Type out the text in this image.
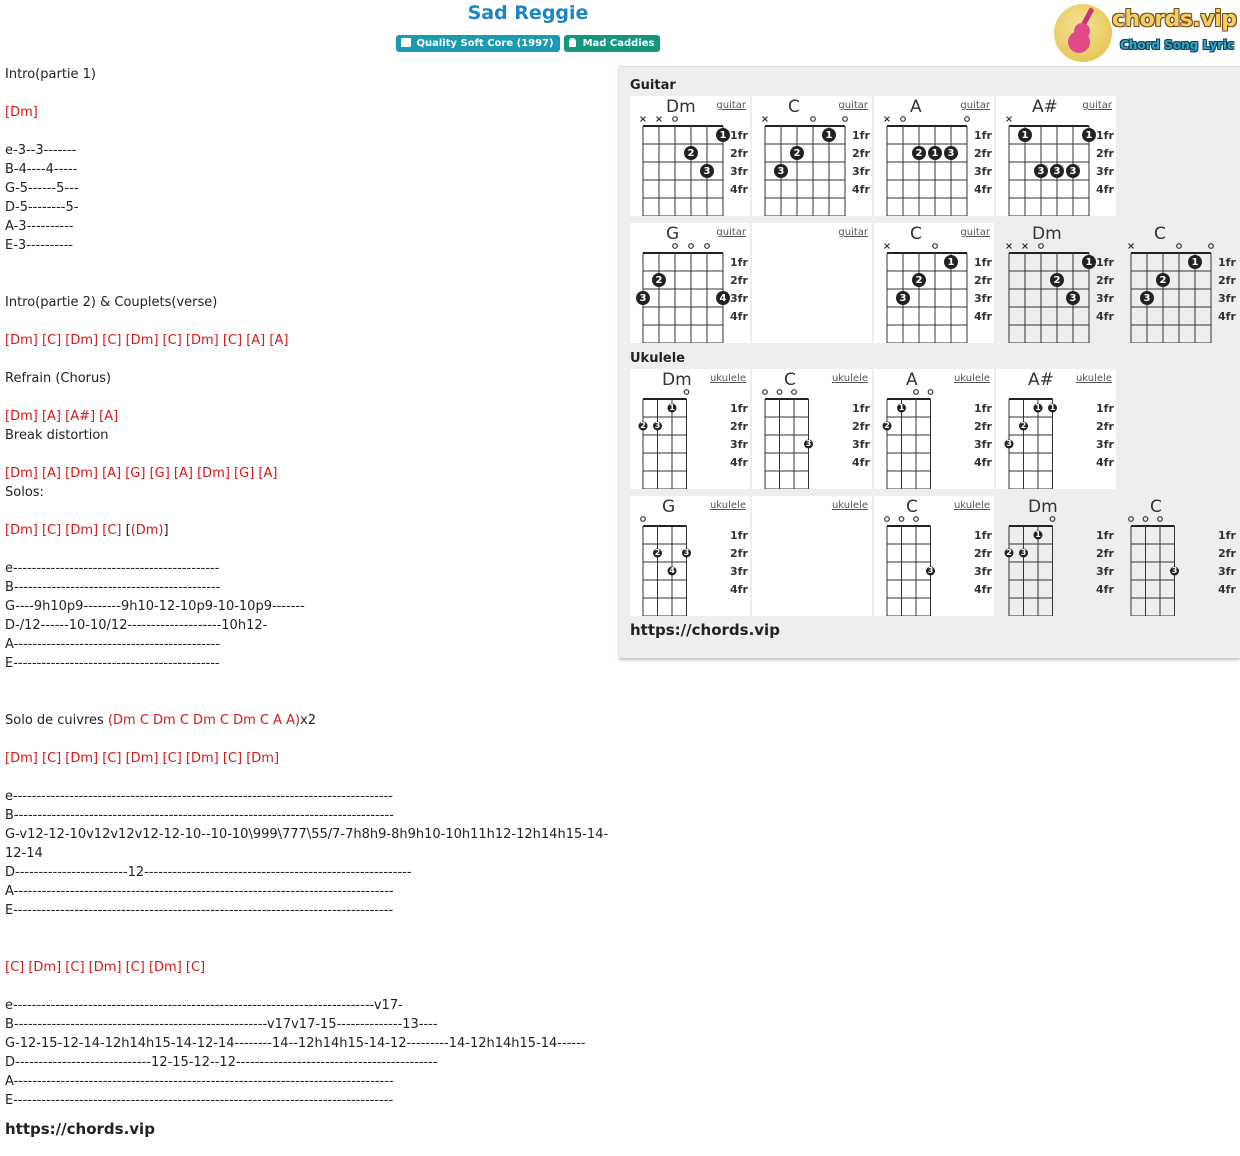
Sad Reggie
Quality Soft Core (1997)	Mad Caddies
chords.vip
Chord Song Lyric
Intro(partie 1)
[Dm]
e-3--3-------
B-4----4-----
G-5------5---
D-5--------5-
A-3----------
E-3----------
Intro(partie 2) & Couplets(verse)
[Dm] [C] [Dm] [C] [Dm] [C] [Dm] [C] [A] [A]
Refrain (Chorus)
[Dm] [A] [A#] [A]
Break distortion
[Dm] [A] [Dm] [A] [G] [G] [A] [Dm] [G] [A]
Solos:
[Dm] [C] [Dm] [C] [(Dm)]
e--------------------------------------------
B--------------------------------------------
G----9h10p9--------9h10-12-10p9-10-10p9-------
D-/12------10-10/12--------------------10h12-
A--------------------------------------------
E--------------------------------------------
Solo de cuivres (Dm C Dm C Dm C Dm C A A)x2
[Dm] [C] [Dm] [C] [Dm] [C] [Dm] [C] [Dm]
e---------------------------------------------------------------------------------
B---------------------------------------------------------------------------------
G-v12-12-10v12v12v12-12-10--10-10\999\777\55/7-7h8h9-8h9h10-10h11h12-12h14h15-14-12-14
D------------------------12---------------------------------------------------------
A---------------------------------------------------------------------------------
E---------------------------------------------------------------------------------
[C] [Dm] [C] [Dm] [C] [Dm] [C]
e-----------------------------------------------------------------------------v17-
B------------------------------------------------------v17v17-15--------------13----
G-12-15-12-14-12h14h15-14-12-14--------14--12h14h15-14-12---------14-12h14h15-14------
D-----------------------------12-15-12--12-------------------------------------------
A---------------------------------------------------------------------------------
E---------------------------------------------------------------------------------
https://chords.vip
Guitar
2
3
1 1fr
2fr
3fr
4fr
Dm guitar
3
2
1 1fr
2fr
3fr
4fr
C	guitar
2 1 3
1fr
2fr
3fr
4fr
A	guitar
1
3 3 3
1 1fr
2fr
3fr
4fr
A# guitar
3
2
4
1fr
2fr
3fr
4fr
G	guitar	guitar
3
2
1 1fr
2fr
3fr
4fr
C	guitar
2
3
1 1fr
2fr
3fr
4fr
Dm
3
2
1 1fr
2fr
3fr
4fr
C
Ukulele
2 3
1	1fr
2fr
3fr
4fr
Dm ukulele
3
1fr
2fr
3fr
4fr
C	ukulele
2
1	1fr
2fr
3fr
4fr
A	ukulele
3
2
1 1	1fr
2fr
3fr
4fr
A# ukulele
2
4
3
1fr
2fr
3fr
4fr
G	ukulele	ukulele
3
1fr
2fr
3fr
4fr
C	ukulele
2 3
1	1fr
2fr
3fr
4fr
Dm
3
1fr
2fr
3fr
4fr
C
https://chords.vip
